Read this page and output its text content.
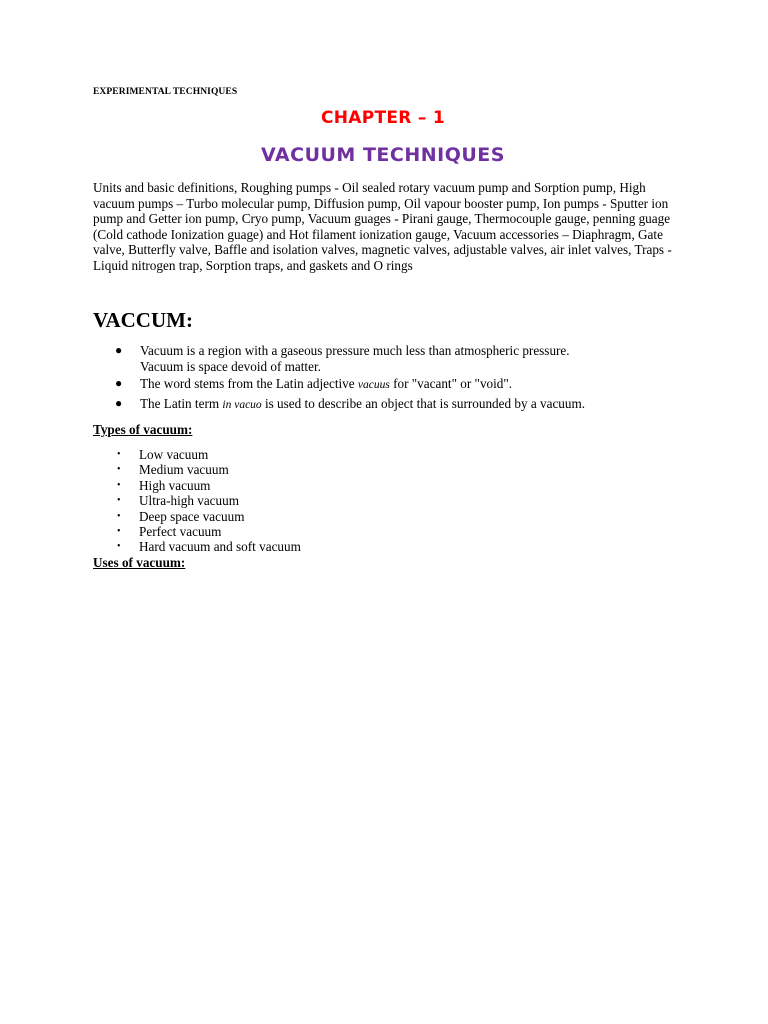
EXPERIMENTAL TECHNIQUES
CHAPTER – 1
VACUUM TECHNIQUES
Units and basic definitions, Roughing pumps - Oil sealed rotary vacuum pump and Sorption pump, High vacuum pumps – Turbo molecular pump, Diffusion pump, Oil vapour booster pump, Ion pumps - Sputter ion pump and Getter ion pump, Cryo pump, Vacuum guages - Pirani gauge, Thermocouple gauge, penning guage (Cold cathode Ionization guage) and Hot filament ionization gauge, Vacuum accessories – Diaphragm, Gate valve, Butterfly valve, Baffle and isolation valves, magnetic valves, adjustable valves, air inlet valves, Traps - Liquid nitrogen trap, Sorption traps, and gaskets and O rings
VACCUM:
● Vacuum is a region with a gaseous pressure much less than atmospheric pressure.
Vacuum is space devoid of matter.
● The word stems from the Latin adjective vacuus for "vacant" or "void".
● The Latin term in vacuo is used to describe an object that is surrounded by a vacuum.
Types of vacuum:
• Low vacuum
• Medium vacuum
• High vacuum
• Ultra-high vacuum
• Deep space vacuum
• Perfect vacuum
• Hard vacuum and soft vacuum
Uses of vacuum:
